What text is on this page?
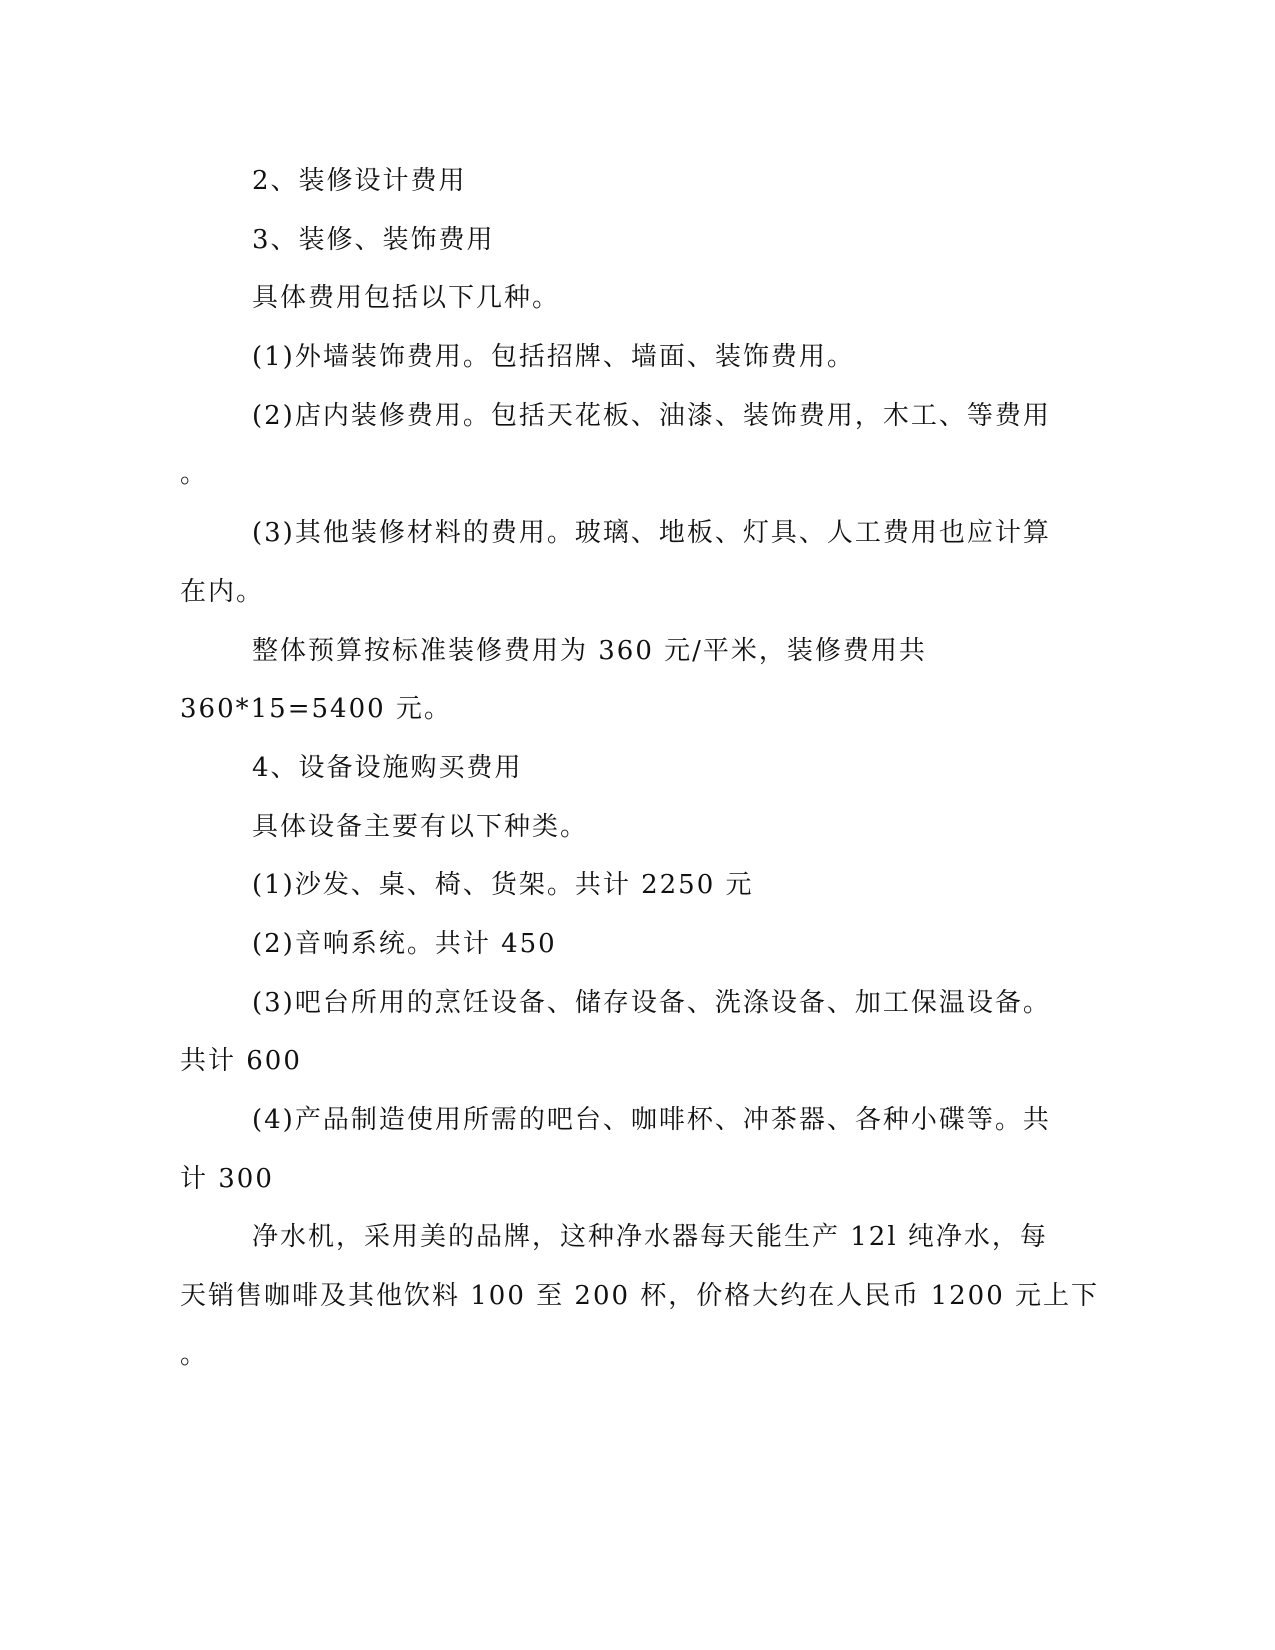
2、装修设计费用
3、装修、装饰费用
具体费用包括以下几种。
(1)外墙装饰费用。包括招牌、墙面、装饰费用。
(2)店内装修费用。包括天花板、油漆、装饰费用，木工、等费用
。
(3)其他装修材料的费用。玻璃、地板、灯具、人工费用也应计算
在内。
整体预算按标准装修费用为 360 元/平米，装修费用共
360*15=5400 元。
4、设备设施购买费用
具体设备主要有以下种类。
(1)沙发、桌、椅、货架。共计 2250 元
(2)音响系统。共计 450
(3)吧台所用的烹饪设备、储存设备、洗涤设备、加工保温设备。
共计 600
(4)产品制造使用所需的吧台、咖啡杯、冲茶器、各种小碟等。共
计 300
净水机，采用美的品牌，这种净水器每天能生产 12l 纯净水，每
天销售咖啡及其他饮料 100 至 200 杯，价格大约在人民币 1200 元上下
。
